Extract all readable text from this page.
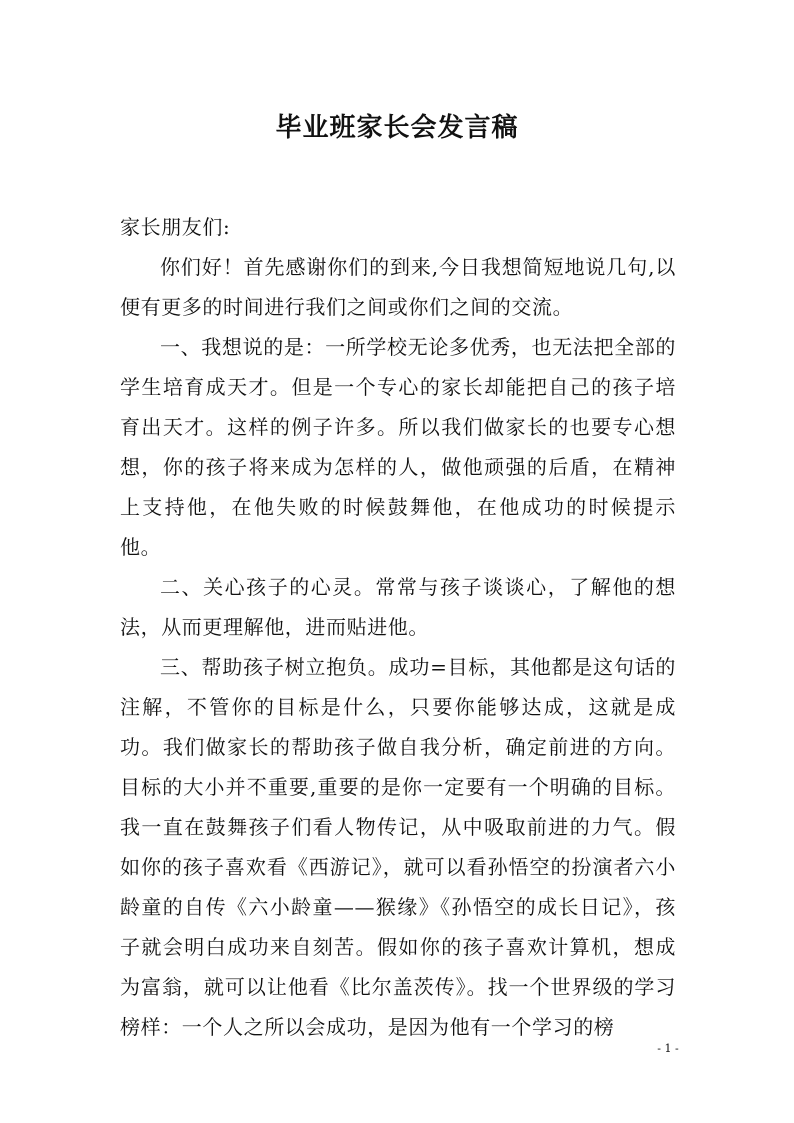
毕业班家长会发言稿

家长朋友们:

你们好！首先感谢你们的到来,今日我想简短地说几句,以便有更多的时间进行我们之间或你们之间的交流。

一、我想说的是：一所学校无论多优秀，也无法把全部的学生培育成天才。但是一个专心的家长却能把自己的孩子培育出天才。这样的例子许多。所以我们做家长的也要专心想想，你的孩子将来成为怎样的人，做他顽强的后盾，在精神上支持他，在他失败的时候鼓舞他，在他成功的时候提示他。

二、关心孩子的心灵。常常与孩子谈谈心，了解他的想法，从而更理解他，进而贴进他。

三、帮助孩子树立抱负。成功=目标，其他都是这句话的注解，不管你的目标是什么，只要你能够达成，这就是成功。我们做家长的帮助孩子做自我分析，确定前进的方向。目标的大小并不重要,重要的是你一定要有一个明确的目标。我一直在鼓舞孩子们看人物传记，从中吸取前进的力气。假如你的孩子喜欢看《西游记》，就可以看孙悟空的扮演者六小龄童的自传《六小龄童——猴缘》《孙悟空的成长日记》，孩子就会明白成功来自刻苦。假如你的孩子喜欢计算机，想成为富翁，就可以让他看《比尔盖茨传》。找一个世界级的学习榜样：一个人之所以会成功，是因为他有一个学习的榜

- 1 -
